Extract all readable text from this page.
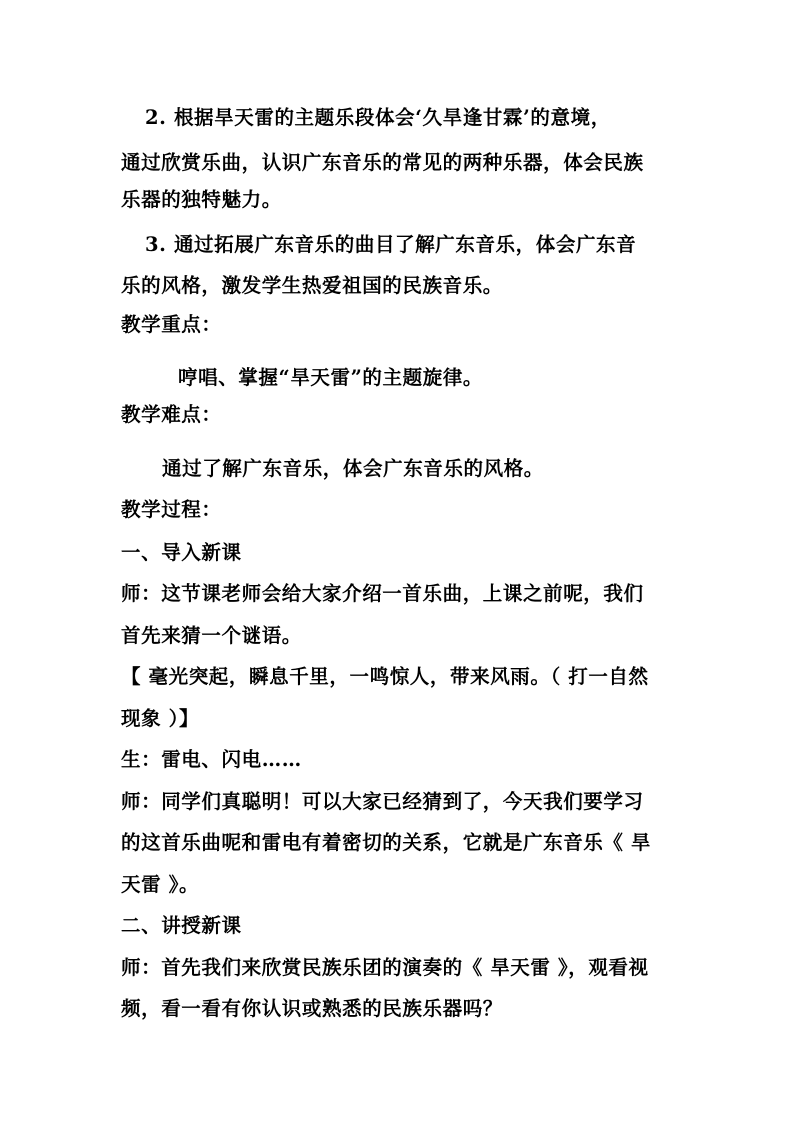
2. 根据旱天雷的主题乐段体会‘久旱逢甘霖’的意境，
通过欣赏乐曲，认识广东音乐的常见的两种乐器，体会民族
乐器的独特魅力。
3. 通过拓展广东音乐的曲目了解广东音乐，体会广东音
乐的风格，激发学生热爱祖国的民族音乐。
教学重点：
哼唱、掌握“旱天雷”的主题旋律。
教学难点：
通过了解广东音乐，体会广东音乐的风格。
教学过程：
一、导入新课
师：这节课老师会给大家介绍一首乐曲，上课之前呢，我们
首先来猜一个谜语。
【 毫光突起，瞬息千里，一鸣惊人，带来风雨。（ 打一自然
现象 ）】
生：雷电、闪电……
师：同学们真聪明！可以大家已经猜到了，今天我们要学习
的这首乐曲呢和雷电有着密切的关系，它就是广东音乐《 旱
天雷 》。
二、讲授新课
师：首先我们来欣赏民族乐团的演奏的《 旱天雷 》，观看视
频，看一看有你认识或熟悉的民族乐器吗？
